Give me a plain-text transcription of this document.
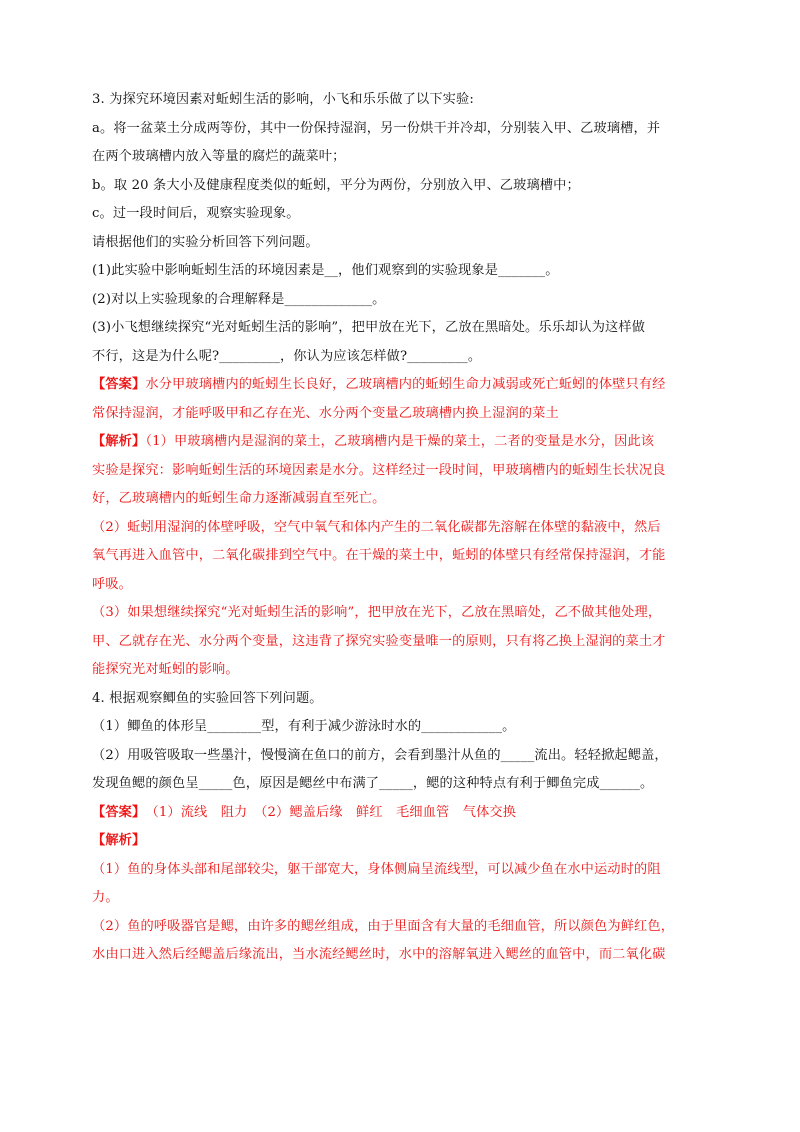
3. 为探究环境因素对蚯蚓生活的影响，小飞和乐乐做了以下实验:
a。将一盆菜土分成两等份，其中一份保持湿润，另一份烘干并冷却，分别装入甲、乙玻璃槽，并
在两个玻璃槽内放入等量的腐烂的蔬菜叶；
b。取 20 条大小及健康程度类似的蚯蚓，平分为两份，分别放入甲、乙玻璃槽中；
c。过一段时间后，观察实验现象。
请根据他们的实验分析回答下列问题。
(1)此实验中影响蚯蚓生活的环境因素是__，他们观察到的实验现象是_______。
(2)对以上实验现象的合理解释是_____________。
(3)小飞想继续探究“光对蚯蚓生活的影响”，把甲放在光下，乙放在黑暗处。乐乐却认为这样做
不行，这是为什么呢?_________，你认为应该怎样做?_________。
【答案】水分甲玻璃槽内的蚯蚓生长良好，乙玻璃槽内的蚯蚓生命力减弱或死亡蚯蚓的体壁只有经
常保持湿润，才能呼吸甲和乙存在光、水分两个变量乙玻璃槽内换上湿润的菜土
【解析】（1）甲玻璃槽内是湿润的菜土，乙玻璃槽内是干燥的菜土，二者的变量是水分，因此该
实验是探究：影响蚯蚓生活的环境因素是水分。这样经过一段时间，甲玻璃槽内的蚯蚓生长状况良
好，乙玻璃槽内的蚯蚓生命力逐渐减弱直至死亡。
（2）蚯蚓用湿润的体壁呼吸，空气中氧气和体内产生的二氧化碳都先溶解在体壁的黏液中，然后
氧气再进入血管中，二氧化碳排到空气中。在干燥的菜土中，蚯蚓的体壁只有经常保持湿润，才能
呼吸。
（3）如果想继续探究“光对蚯蚓生活的影响”，把甲放在光下，乙放在黑暗处，乙不做其他处理，
甲、乙就存在光、水分两个变量，这违背了探究实验变量唯一的原则，只有将乙换上湿润的菜土才
能探究光对蚯蚓的影响。
4. 根据观察鲫鱼的实验回答下列问题。
（1）鲫鱼的体形呈________型，有利于减少游泳时水的____________。
（2）用吸管吸取一些墨汁，慢慢滴在鱼口的前方，会看到墨汁从鱼的_____流出。轻轻掀起鳃盖，
发现鱼鳃的颜色呈_____色，原因是鳃丝中布满了_____，鳃的这种特点有利于鲫鱼完成______。
【答案】　（1）流线　阻力　（2）鳃盖后缘　鲜红　毛细血管　气体交换
【解析】
（1）鱼的身体头部和尾部较尖，躯干部宽大，身体侧扁呈流线型，可以减少鱼在水中运动时的阻
力。
（2）鱼的呼吸器官是鳃，由许多的鳃丝组成，由于里面含有大量的毛细血管，所以颜色为鲜红色，
水由口进入然后经鳃盖后缘流出，当水流经鳃丝时，水中的溶解氧进入鳃丝的血管中，而二氧化碳
